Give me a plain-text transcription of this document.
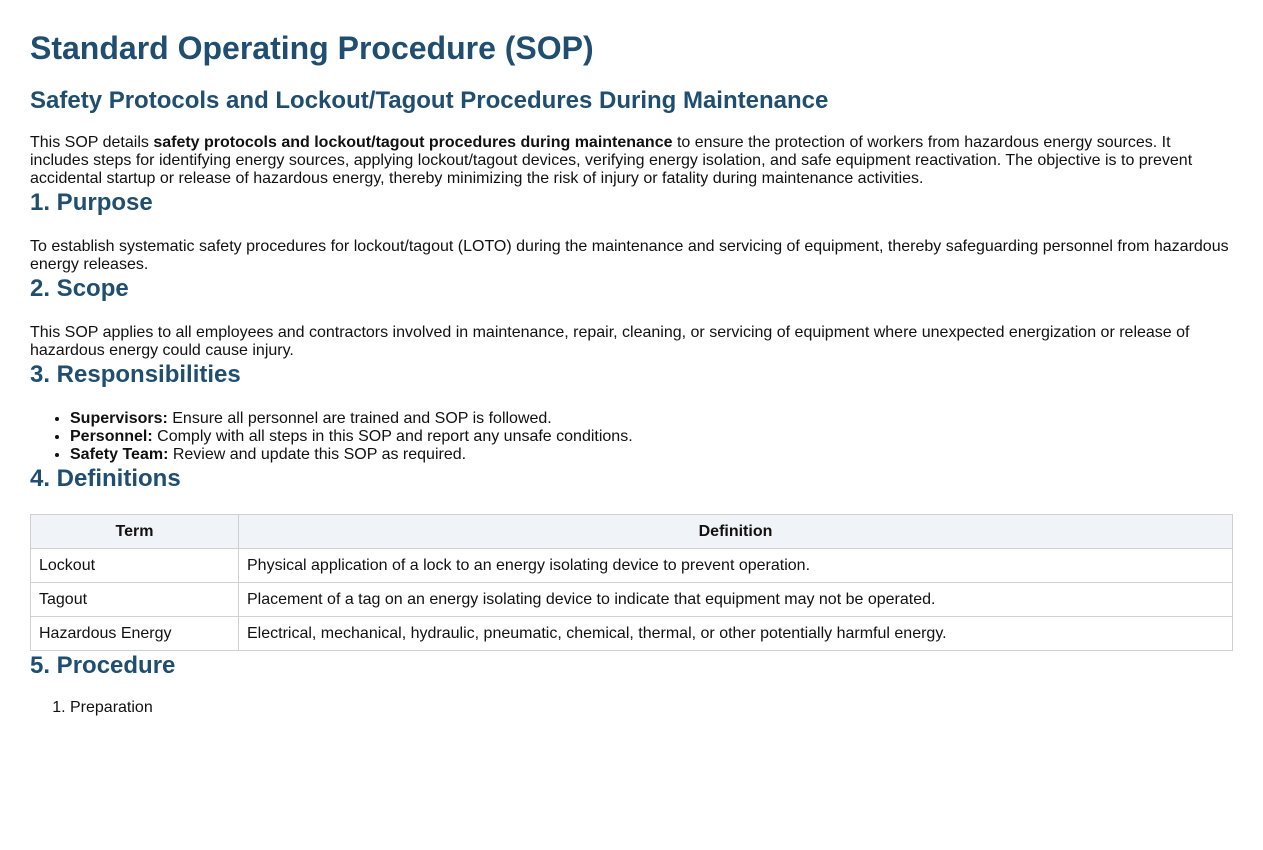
Standard Operating Procedure (SOP)
Safety Protocols and Lockout/Tagout Procedures During Maintenance

This SOP details safety protocols and lockout/tagout procedures during maintenance to ensure the protection of workers from hazardous energy sources. It includes steps for identifying energy sources, applying lockout/tagout devices, verifying energy isolation, and safe equipment reactivation. The objective is to prevent accidental startup or release of hazardous energy, thereby minimizing the risk of injury or fatality during maintenance activities.

1. Purpose

To establish systematic safety procedures for lockout/tagout (LOTO) during the maintenance and servicing of equipment, thereby safeguarding personnel from hazardous energy releases.

2. Scope

This SOP applies to all employees and contractors involved in maintenance, repair, cleaning, or servicing of equipment where unexpected energization or release of hazardous energy could cause injury.

3. Responsibilities
• Supervisors: Ensure all personnel are trained and SOP is followed.
• Personnel: Comply with all steps in this SOP and report any unsafe conditions.
• Safety Team: Review and update this SOP as required.
4. Definitions
Term	Definition
Lockout	Physical application of a lock to an energy isolating device to prevent operation.
Tagout	Placement of a tag on an energy isolating device to indicate that equipment may not be operated.
Hazardous Energy	Electrical, mechanical, hydraulic, pneumatic, chemical, thermal, or other potentially harmful energy.
5. Procedure
1. Preparation
